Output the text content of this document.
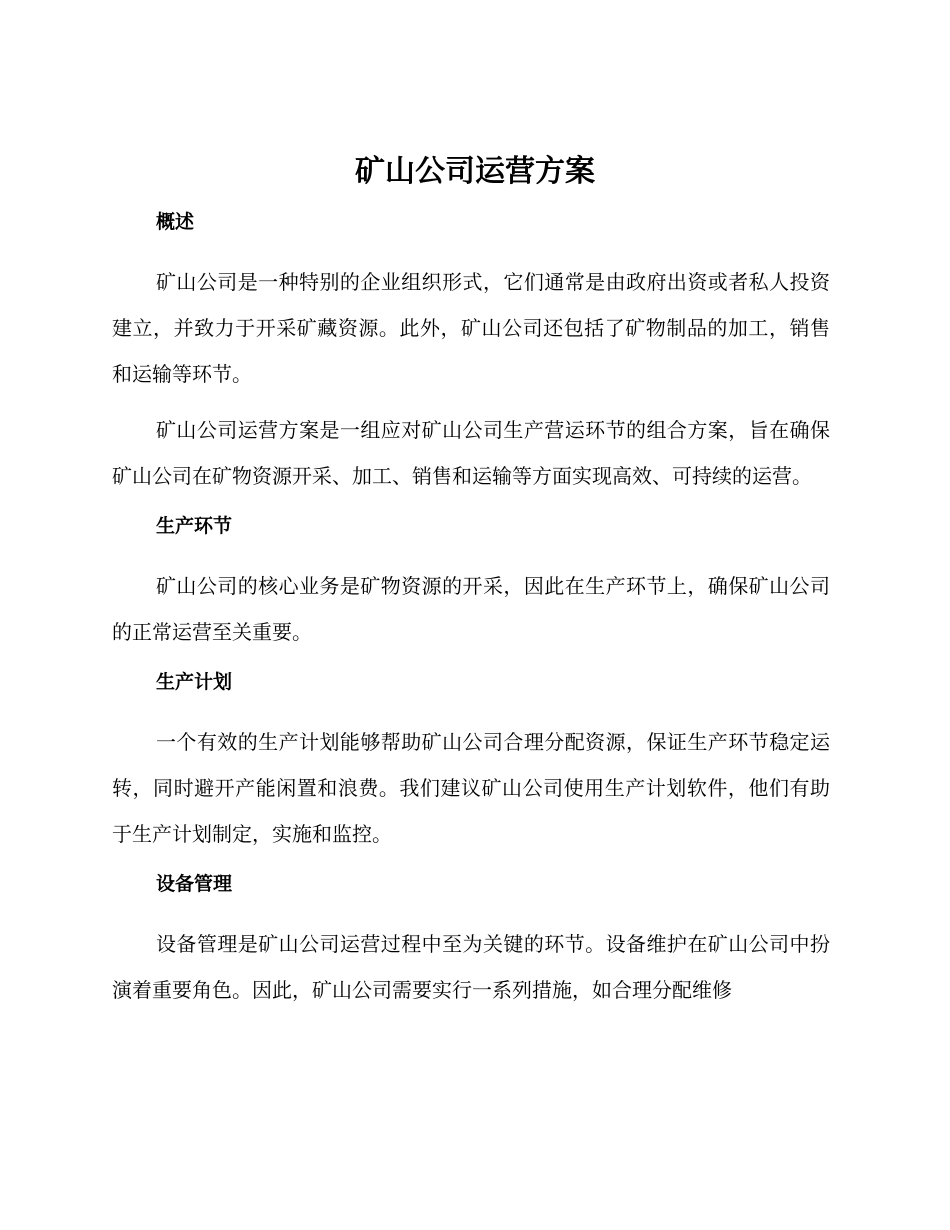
矿山公司运营方案
概述

矿山公司是一种特别的企业组织形式，它们通常是由政府出资或者私人投资建立，并致力于开采矿藏资源。此外，矿山公司还包括了矿物制品的加工，销售和运输等环节。

矿山公司运营方案是一组应对矿山公司生产营运环节的组合方案，旨在确保矿山公司在矿物资源开采、加工、销售和运输等方面实现高效、可持续的运营。

生产环节

矿山公司的核心业务是矿物资源的开采，因此在生产环节上，确保矿山公司的正常运营至关重要。

生产计划

一个有效的生产计划能够帮助矿山公司合理分配资源，保证生产环节稳定运转，同时避开产能闲置和浪费。我们建议矿山公司使用生产计划软件，他们有助于生产计划制定，实施和监控。

设备管理

设备管理是矿山公司运营过程中至为关键的环节。设备维护在矿山公司中扮演着重要角色。因此，矿山公司需要实行一系列措施，如合理分配维修
